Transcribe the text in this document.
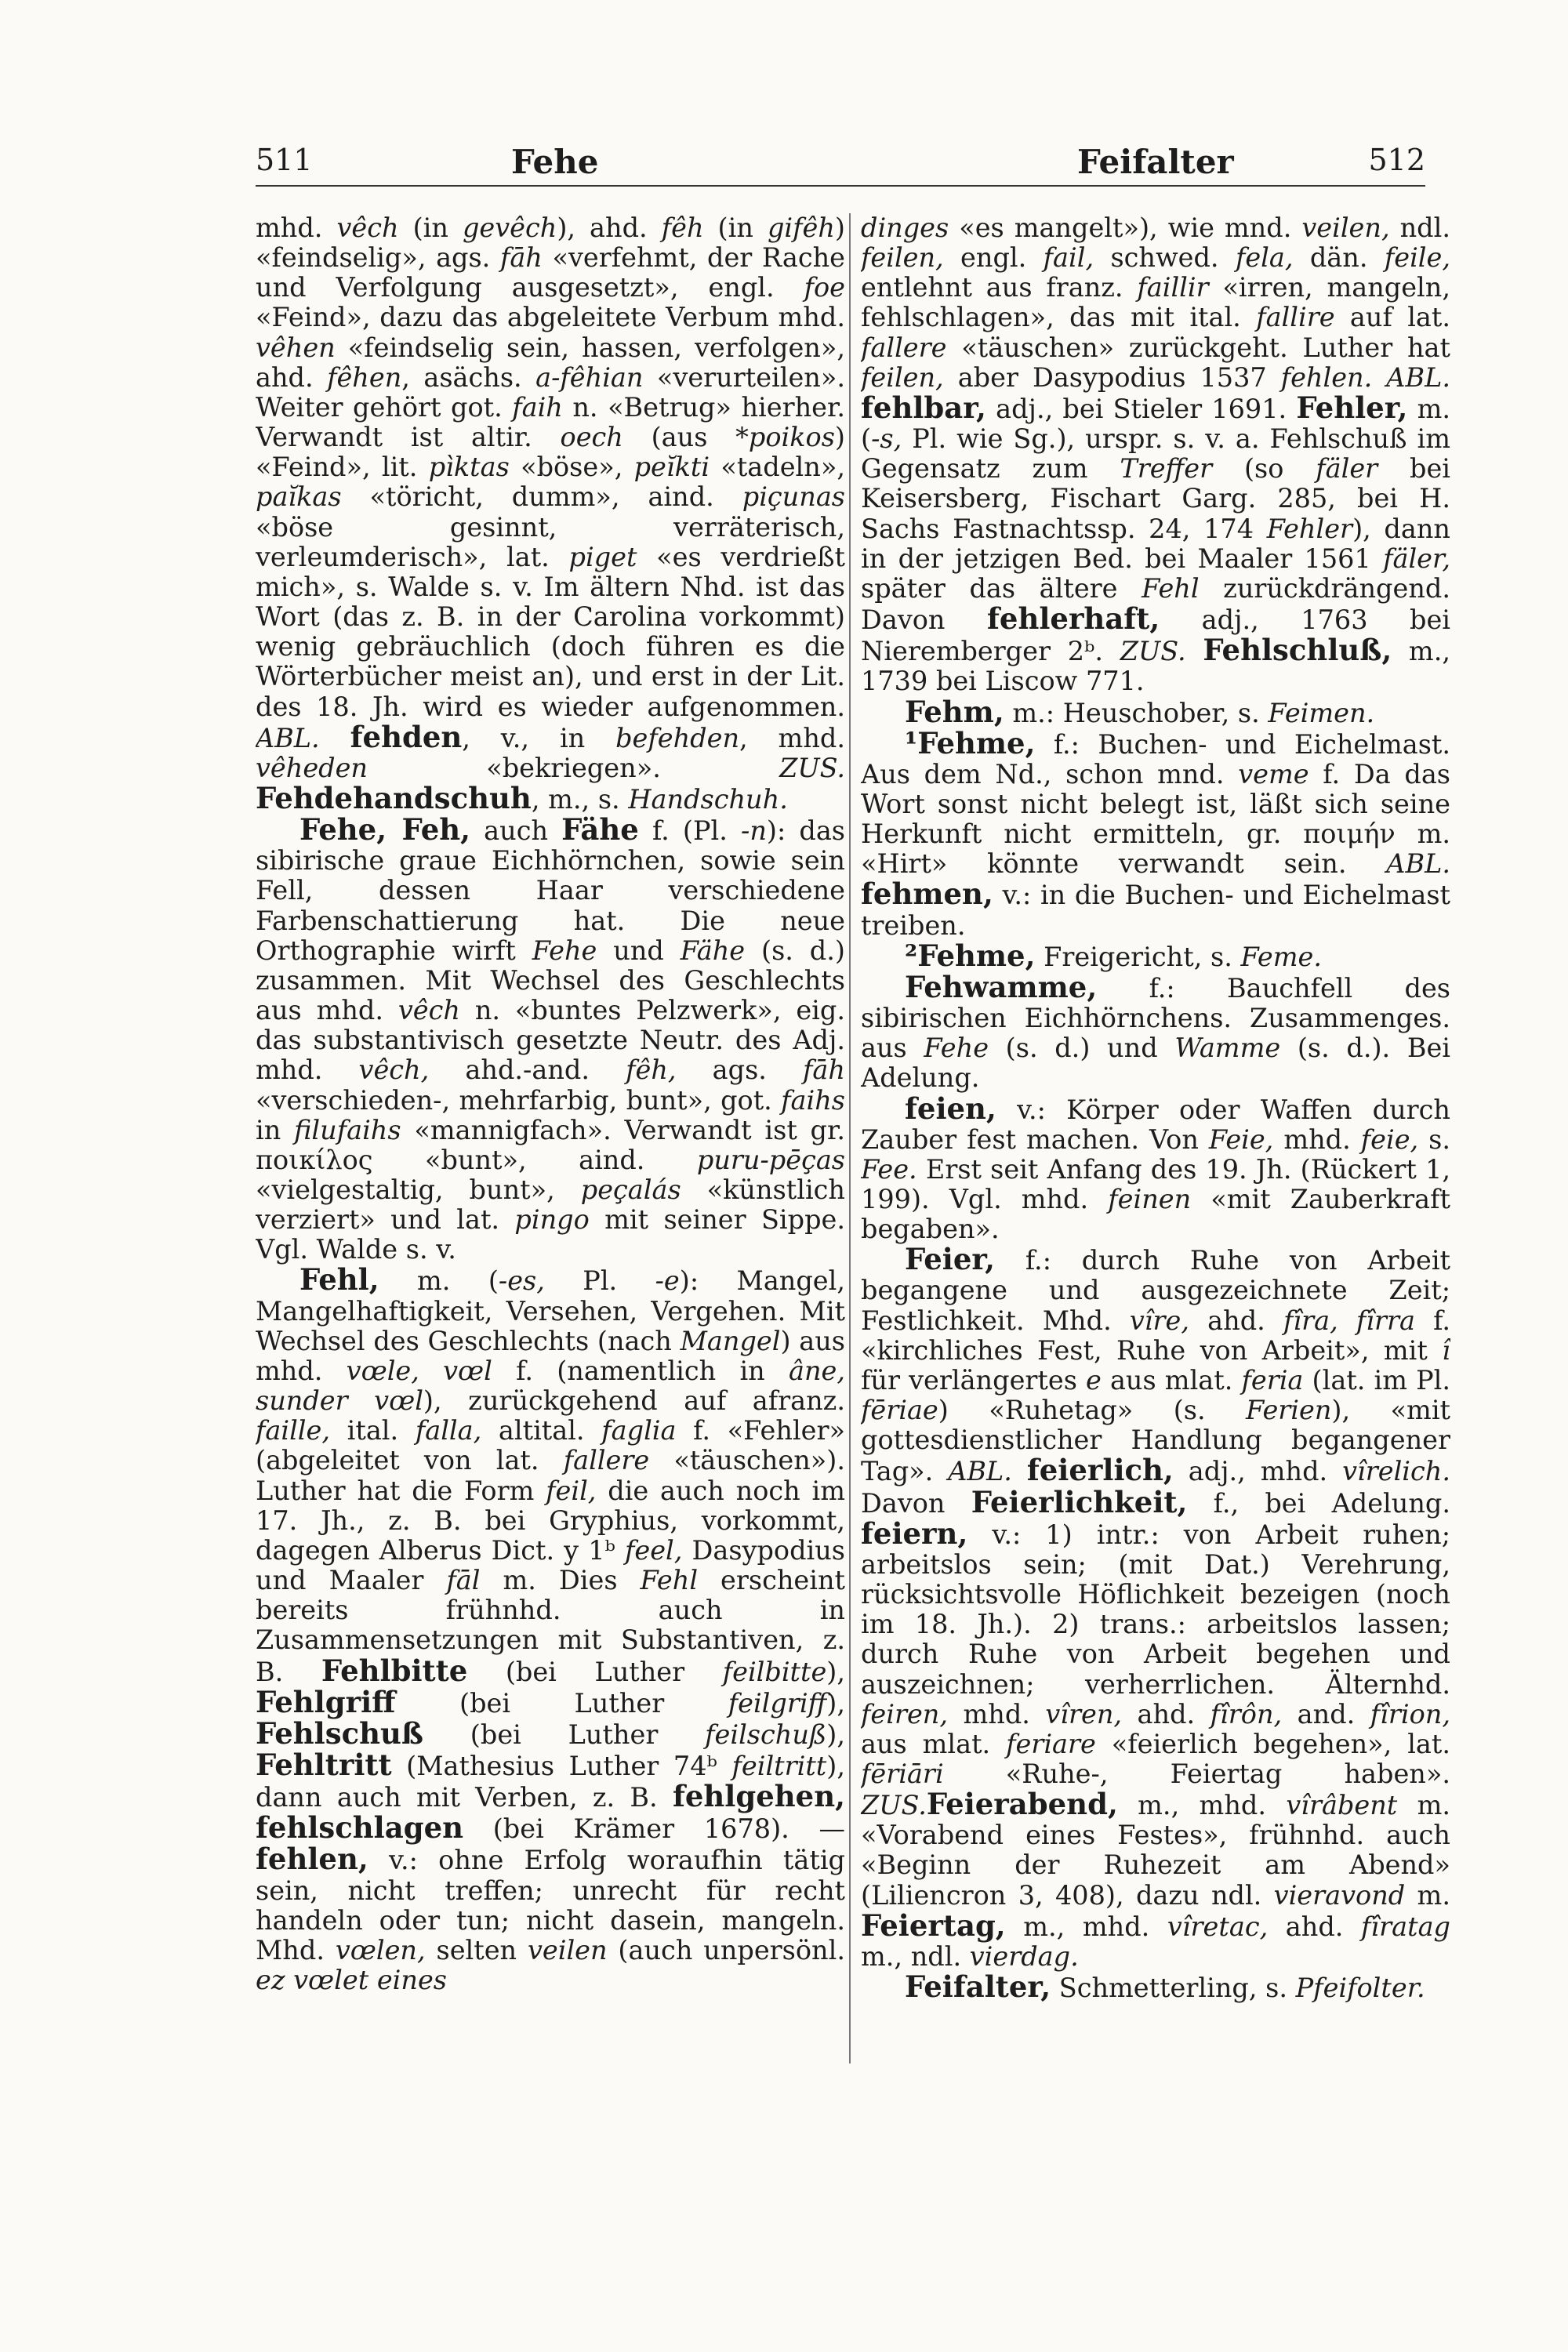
511	Fehe	Feifalter	512

mhd. vêch (in gevêch), ahd. fêh (in gifêh) «feindselig», ags. fāh «verfehmt, der Rache und Verfolgung ausgesetzt», engl. foe «Feind», dazu das abgeleitete Verbum mhd. vêhen «feindselig sein, hassen, verfolgen», ahd. fêhen, asächs. a-fêhian «verurteilen». Weiter gehört got. faih n. «Betrug» hierher. Verwandt ist altir. oech (aus *poikos) «Feind», lit. pìktas «böse», peĭkti «tadeln», paĭkas «töricht, dumm», aind. piçunas «böse gesinnt, verräterisch, verleumderisch», lat. piget «es verdrießt mich», s. Walde s. v. Im ältern Nhd. ist das Wort (das z. B. in der Carolina vorkommt) wenig gebräuchlich (doch führen es die Wörterbücher meist an), und erst in der Lit. des 18. Jh. wird es wieder aufgenommen. ABL. fehden, v., in befehden, mhd. vêheden «bekriegen». ZUS. Fehdehandschuh, m., s. Handschuh.

Fehe, Feh, auch Fähe f. (Pl. -n): das sibirische graue Eichhörnchen, sowie sein Fell, dessen Haar verschiedene Farbenschattierung hat. Die neue Orthographie wirft Fehe und Fähe (s. d.) zusammen. Mit Wechsel des Geschlechts aus mhd. vêch n. «buntes Pelzwerk», eig. das substantivisch gesetzte Neutr. des Adj. mhd. vêch, ahd.-and. fêh, ags. fāh «verschieden-, mehrfarbig, bunt», got. faihs in filufaihs «mannigfach». Verwandt ist gr. ποικίλος «bunt», aind. puru-pēças «vielgestaltig, bunt», peçalás «künstlich verziert» und lat. pingo mit seiner Sippe. Vgl. Walde s. v.

Fehl, m. (-es, Pl. -e): Mangel, Mangelhaftigkeit, Versehen, Vergehen. Mit Wechsel des Geschlechts (nach Mangel) aus mhd. vœle, vœl f. (namentlich in âne, sunder vœl), zurückgehend auf afranz. faille, ital. falla, altital. faglia f. «Fehler» (abgeleitet von lat. fallere «täuschen»). Luther hat die Form feil, die auch noch im 17. Jh., z. B. bei Gryphius, vorkommt, dagegen Alberus Dict. y 1ᵇ feel, Dasypodius und Maaler fāl m. Dies Fehl erscheint bereits frühnhd. auch in Zusammensetzungen mit Substantiven, z. B. Fehlbitte (bei Luther feilbitte), Fehlgriff (bei Luther feilgriff), Fehlschuß (bei Luther feilschuß), Fehltritt (Mathesius Luther 74ᵇ feiltritt), dann auch mit Verben, z. B. fehlgehen, fehlschlagen (bei Krämer 1678). — fehlen, v.: ohne Erfolg woraufhin tätig sein, nicht treffen; unrecht für recht handeln oder tun; nicht dasein, mangeln. Mhd. vœlen, selten veilen (auch unpersönl. ez vœlet eines

dinges «es mangelt»), wie mnd. veilen, ndl. feilen, engl. fail, schwed. fela, dän. feile, entlehnt aus franz. faillir «irren, mangeln, fehlschlagen», das mit ital. fallire auf lat. fallere «täuschen» zurückgeht. Luther hat feilen, aber Dasypodius 1537 fehlen. ABL. fehlbar, adj., bei Stieler 1691. Fehler, m. (-s, Pl. wie Sg.), urspr. s. v. a. Fehlschuß im Gegensatz zum Treffer (so fäler bei Keisersberg, Fischart Garg. 285, bei H. Sachs Fastnachtssp. 24, 174 Fehler), dann in der jetzigen Bed. bei Maaler 1561 fäler, später das ältere Fehl zurückdrängend. Davon fehlerhaft, adj., 1763 bei Nieremberger 2ᵇ. ZUS. Fehlschluß, m., 1739 bei Liscow 771.

Fehm, m.: Heuschober, s. Feimen.

¹Fehme, f.: Buchen- und Eichelmast. Aus dem Nd., schon mnd. veme f. Da das Wort sonst nicht belegt ist, läßt sich seine Herkunft nicht ermitteln, gr. ποιμήν m. «Hirt» könnte verwandt sein. ABL. fehmen, v.: in die Buchen- und Eichelmast treiben.

²Fehme, Freigericht, s. Feme.

Fehwamme, f.: Bauchfell des sibirischen Eichhörnchens. Zusammenges. aus Fehe (s. d.) und Wamme (s. d.). Bei Adelung.

feien, v.: Körper oder Waffen durch Zauber fest machen. Von Feie, mhd. feie, s. Fee. Erst seit Anfang des 19. Jh. (Rückert 1, 199). Vgl. mhd. feinen «mit Zauberkraft begaben».

Feier, f.: durch Ruhe von Arbeit begangene und ausgezeichnete Zeit; Festlichkeit. Mhd. vîre, ahd. fîra, fîrra f. «kirchliches Fest, Ruhe von Arbeit», mit î für verlängertes e aus mlat. feria (lat. im Pl. fēriae) «Ruhetag» (s. Ferien), «mit gottesdienstlicher Handlung begangener Tag». ABL. feierlich, adj., mhd. vîrelich. Davon Feierlichkeit, f., bei Adelung. feiern, v.: 1) intr.: von Arbeit ruhen; arbeitslos sein; (mit Dat.) Verehrung, rücksichtsvolle Höflichkeit bezeigen (noch im 18. Jh.). 2) trans.: arbeitslos lassen; durch Ruhe von Arbeit begehen und auszeichnen; verherrlichen. Älternhd. feiren, mhd. vîren, ahd. fîrôn, and. fîrion, aus mlat. feriare «feierlich begehen», lat. fēriāri «Ruhe-, Feiertag haben». ZUS.Feierabend, m., mhd. vîrâbent m. «Vorabend eines Festes», frühnhd. auch «Beginn der Ruhezeit am Abend» (Liliencron 3, 408), dazu ndl. vieravond m. Feiertag, m., mhd. vîretac, ahd. fîratag m., ndl. vierdag.

Feifalter, Schmetterling, s. Pfeifolter.
